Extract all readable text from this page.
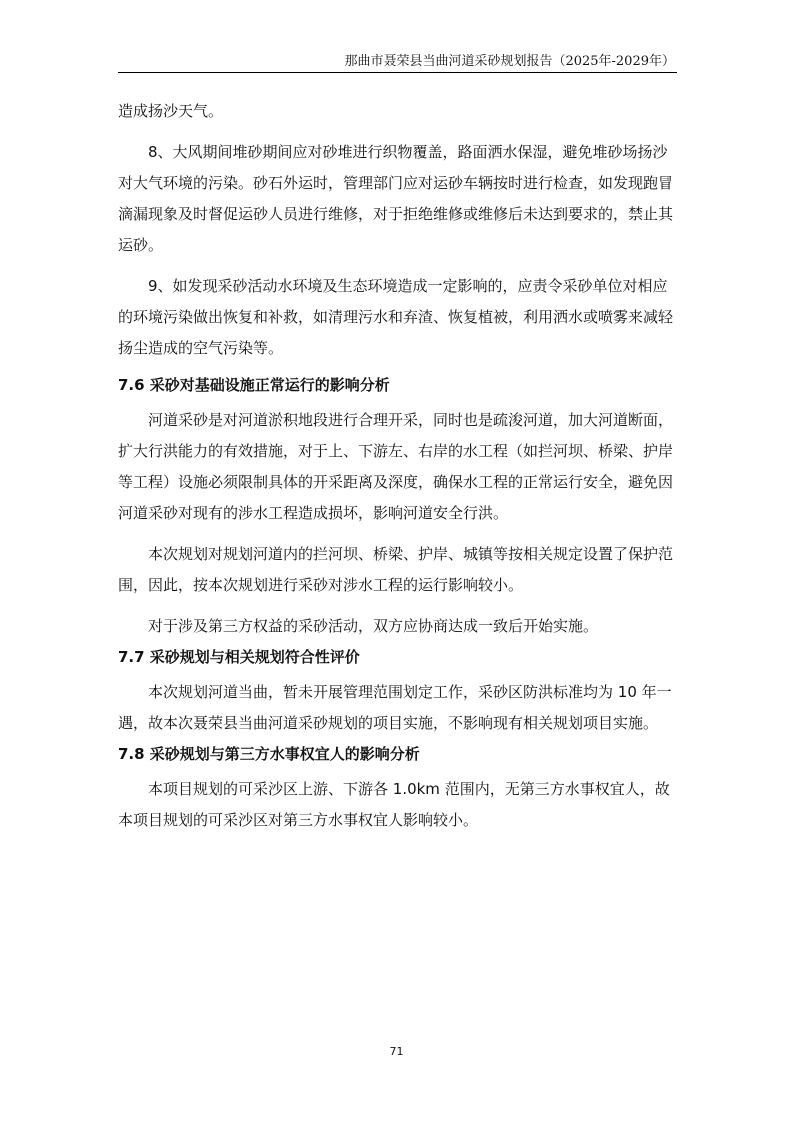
那曲市聂荣县当曲河道采砂规划报告（2025年-2029年）

造成扬沙天气。

8、大风期间堆砂期间应对砂堆进行织物覆盖，路面洒水保湿，避免堆砂场扬沙对大气环境的污染。砂石外运时，管理部门应对运砂车辆按时进行检查，如发现跑冒滴漏现象及时督促运砂人员进行维修，对于拒绝维修或维修后未达到要求的，禁止其运砂。

9、如发现采砂活动水环境及生态环境造成一定影响的，应责令采砂单位对相应的环境污染做出恢复和补救，如清理污水和弃渣、恢复植被，利用洒水或喷雾来减轻扬尘造成的空气污染等。

7.6 采砂对基础设施正常运行的影响分析

河道采砂是对河道淤积地段进行合理开采，同时也是疏浚河道，加大河道断面，扩大行洪能力的有效措施，对于上、下游左、右岸的水工程（如拦河坝、桥梁、护岸等工程）设施必须限制具体的开采距离及深度，确保水工程的正常运行安全，避免因河道采砂对现有的涉水工程造成损坏，影响河道安全行洪。

本次规划对规划河道内的拦河坝、桥梁、护岸、城镇等按相关规定设置了保护范围，因此，按本次规划进行采砂对涉水工程的运行影响较小。

对于涉及第三方权益的采砂活动，双方应协商达成一致后开始实施。

7.7 采砂规划与相关规划符合性评价

本次规划河道当曲，暂未开展管理范围划定工作，采砂区防洪标准均为 10 年一遇，故本次聂荣县当曲河道采砂规划的项目实施，不影响现有相关规划项目实施。

7.8 采砂规划与第三方水事权宜人的影响分析

本项目规划的可采沙区上游、下游各 1.0km 范围内，无第三方水事权宜人，故本项目规划的可采沙区对第三方水事权宜人影响较小。

71
